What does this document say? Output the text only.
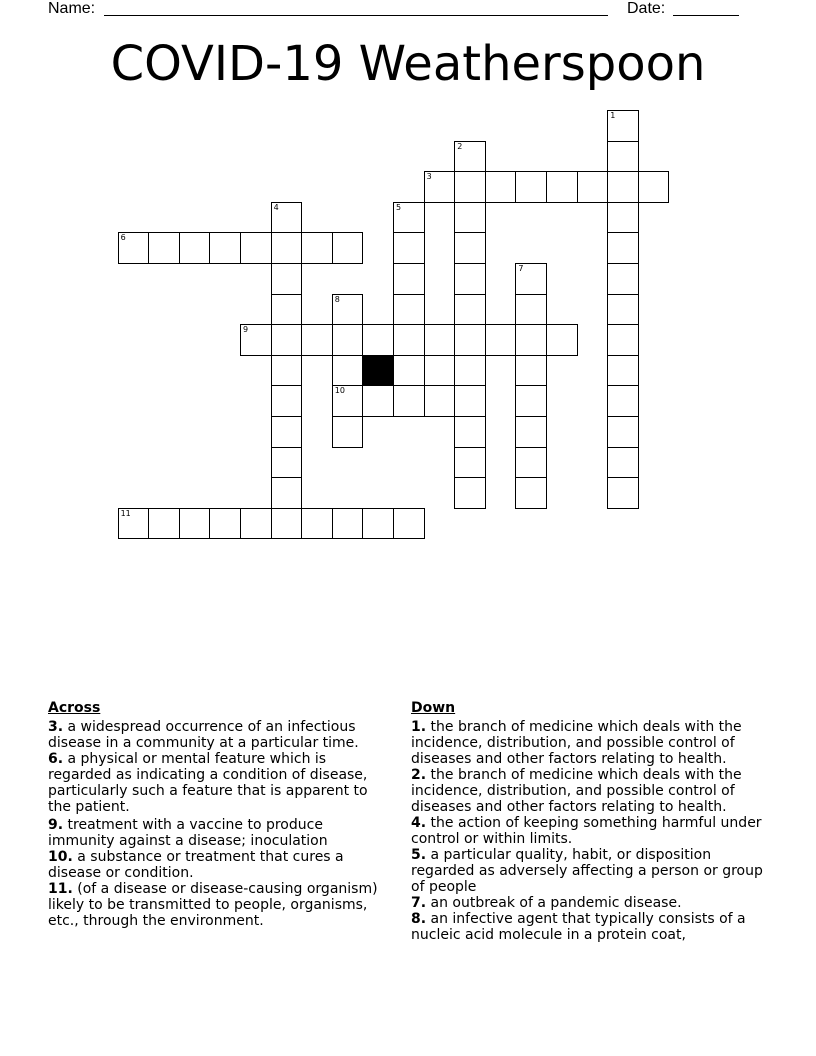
Name:	Date:
COVID-19 Weatherspoon
1
2
3
4	5
6
7
8
10
9
11
Across
3. a widespread occurrence of an infectious disease in a community at a particular time.
6. a physical or mental feature which is regarded as indicating a condition of disease, particularly such a feature that is apparent to the patient.
9. treatment with a vaccine to produce immunity against a disease; inoculation
10. a substance or treatment that cures a disease or condition.
11. (of a disease or disease-causing organism) likely to be transmitted to people, organisms, etc., through the environment.
Down
1. the branch of medicine which deals with the incidence, distribution, and possible control of diseases and other factors relating to health.
2. the branch of medicine which deals with the incidence, distribution, and possible control of diseases and other factors relating to health.
4. the action of keeping something harmful under control or within limits.
5. a particular quality, habit, or disposition regarded as adversely affecting a person or group of people
7. an outbreak of a pandemic disease.
8. an infective agent that typically consists of a nucleic acid molecule in a protein coat,
